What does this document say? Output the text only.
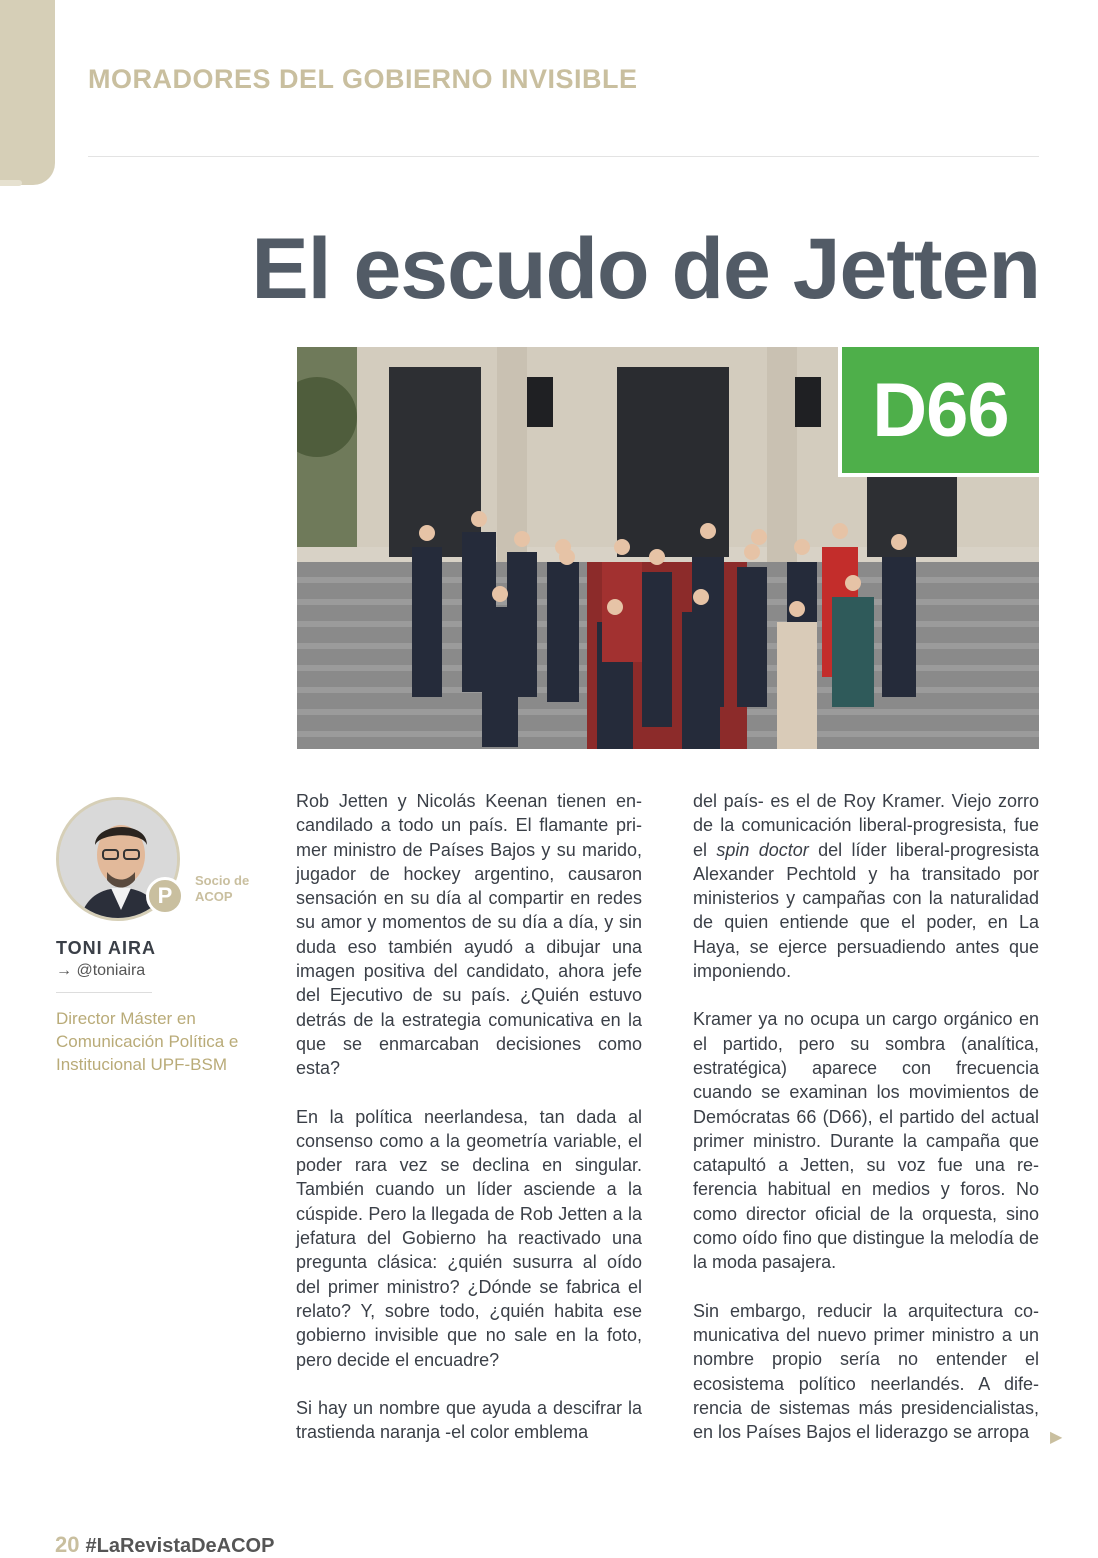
MORADORES DEL GOBIERNO INVISIBLE
El escudo de Jetten
D66
P
Socio de
ACOP
TONI AIRA
→ @toniaira
Director Máster en Comunicación Política e Institucional UPF-BSM

Rob Jetten y Nicolás Keenan tienen encandilado a todo un país. El flamante primer ministro de Países Bajos y su marido, jugador de hockey argentino, causaron sensación en su día al compartir en redes su amor y momentos de su día a día, y sin duda eso también ayudó a dibujar una imagen positiva del candidato, ahora jefe del Ejecutivo de su país. ¿Quién estuvo detrás de la estrategia comunicativa en la que se enmarcaban decisiones como esta?

En la política neerlandesa, tan dada al consenso como a la geometría variable, el poder rara vez se declina en singular. También cuando un líder asciende a la cúspide. Pero la llegada de Rob Jetten a la jefatura del Gobierno ha reactivado una pregunta clásica: ¿quién susurra al oído del primer ministro? ¿Dónde se fabrica el relato? Y, sobre todo, ¿quién habita ese gobierno invisible que no sale en la foto, pero decide el encuadre?

Si hay un nombre que ayuda a descifrar la trastienda naranja -el color emblema

del país- es el de Roy Kramer. Viejo zorro de la comunicación liberal-progresista, fue el spin doctor del líder liberal-progresista Alexander Pechtold y ha transitado por ministerios y campañas con la naturalidad de quien entiende que el poder, en La Haya, se ejerce persuadiendo antes que imponiendo.

Kramer ya no ocupa un cargo orgánico en el partido, pero su sombra (analítica, estratégica) aparece con frecuencia cuando se examinan los movimientos de Demócratas 66 (D66), el partido del actual primer ministro. Durante la campaña que catapultó a Jetten, su voz fue una referencia habitual en medios y foros. No como director oficial de la orquesta, sino como oído fino que distingue la melodía de la moda pasajera.

Sin embargo, reducir la arquitectura comunicativa del nuevo primer ministro a un nombre propio sería no entender el ecosistema político neerlandés. A diferencia de sistemas más presidencialistas, en los Países Bajos el liderazgo se arropa	▶
20 #LaRevistaDeACOP
